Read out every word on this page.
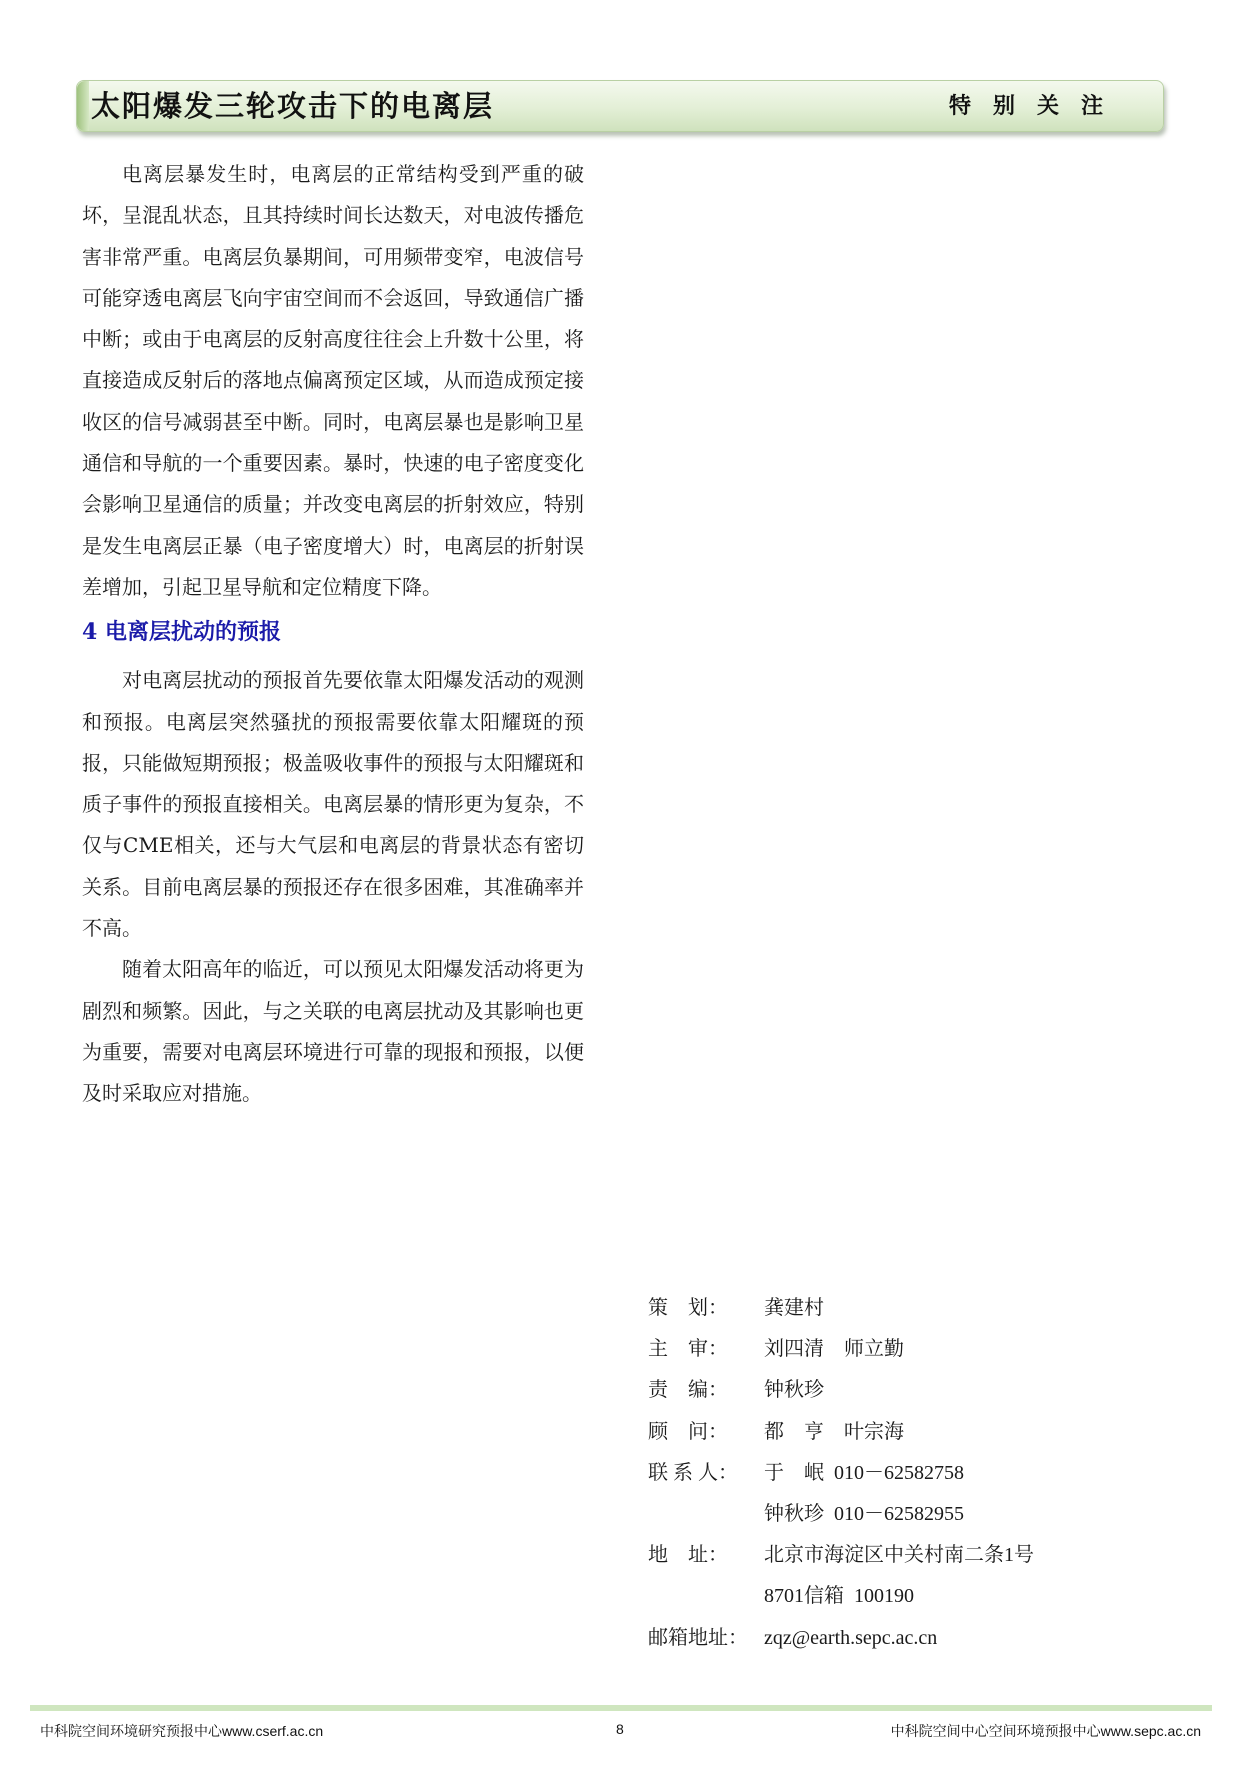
太阳爆发三轮攻击下的电离层	特别关注

电离层暴发生时，电离层的正常结构受到严重的破坏，呈混乱状态，且其持续时间长达数天，对电波传播危害非常严重。电离层负暴期间，可用频带变窄，电波信号可能穿透电离层飞向宇宙空间而不会返回，导致通信广播中断；或由于电离层的反射高度往往会上升数十公里，将直接造成反射后的落地点偏离预定区域，从而造成预定接收区的信号减弱甚至中断。同时，电离层暴也是影响卫星通信和导航的一个重要因素。暴时，快速的电子密度变化会影响卫星通信的质量；并改变电离层的折射效应，特别是发生电离层正暴（电子密度增大）时，电离层的折射误差增加，引起卫星导航和定位精度下降。

4 电离层扰动的预报

对电离层扰动的预报首先要依靠太阳爆发活动的观测和预报。电离层突然骚扰的预报需要依靠太阳耀斑的预报，只能做短期预报；极盖吸收事件的预报与太阳耀斑和质子事件的预报直接相关。电离层暴的情形更为复杂，不仅与CME相关，还与大气层和电离层的背景状态有密切关系。目前电离层暴的预报还存在很多困难，其准确率并不高。

随着太阳高年的临近，可以预见太阳爆发活动将更为剧烈和频繁。因此，与之关联的电离层扰动及其影响也更为重要，需要对电离层环境进行可靠的现报和预报，以便及时采取应对措施。

策    划：	龚建村
主    审：	刘四清    师立勤
责    编：	钟秋珍
顾    问：	都    亨    叶宗海
联 系 人：	于    岷  010－62582758
钟秋珍  010－62582955
地    址：	北京市海淀区中关村南二条1号
8701信箱  100190
邮箱地址： zqz@earth.sepc.ac.cn
中科院空间环境研究预报中心www.cserf.ac.cn	8	中科院空间中心空间环境预报中心www.sepc.ac.cn
